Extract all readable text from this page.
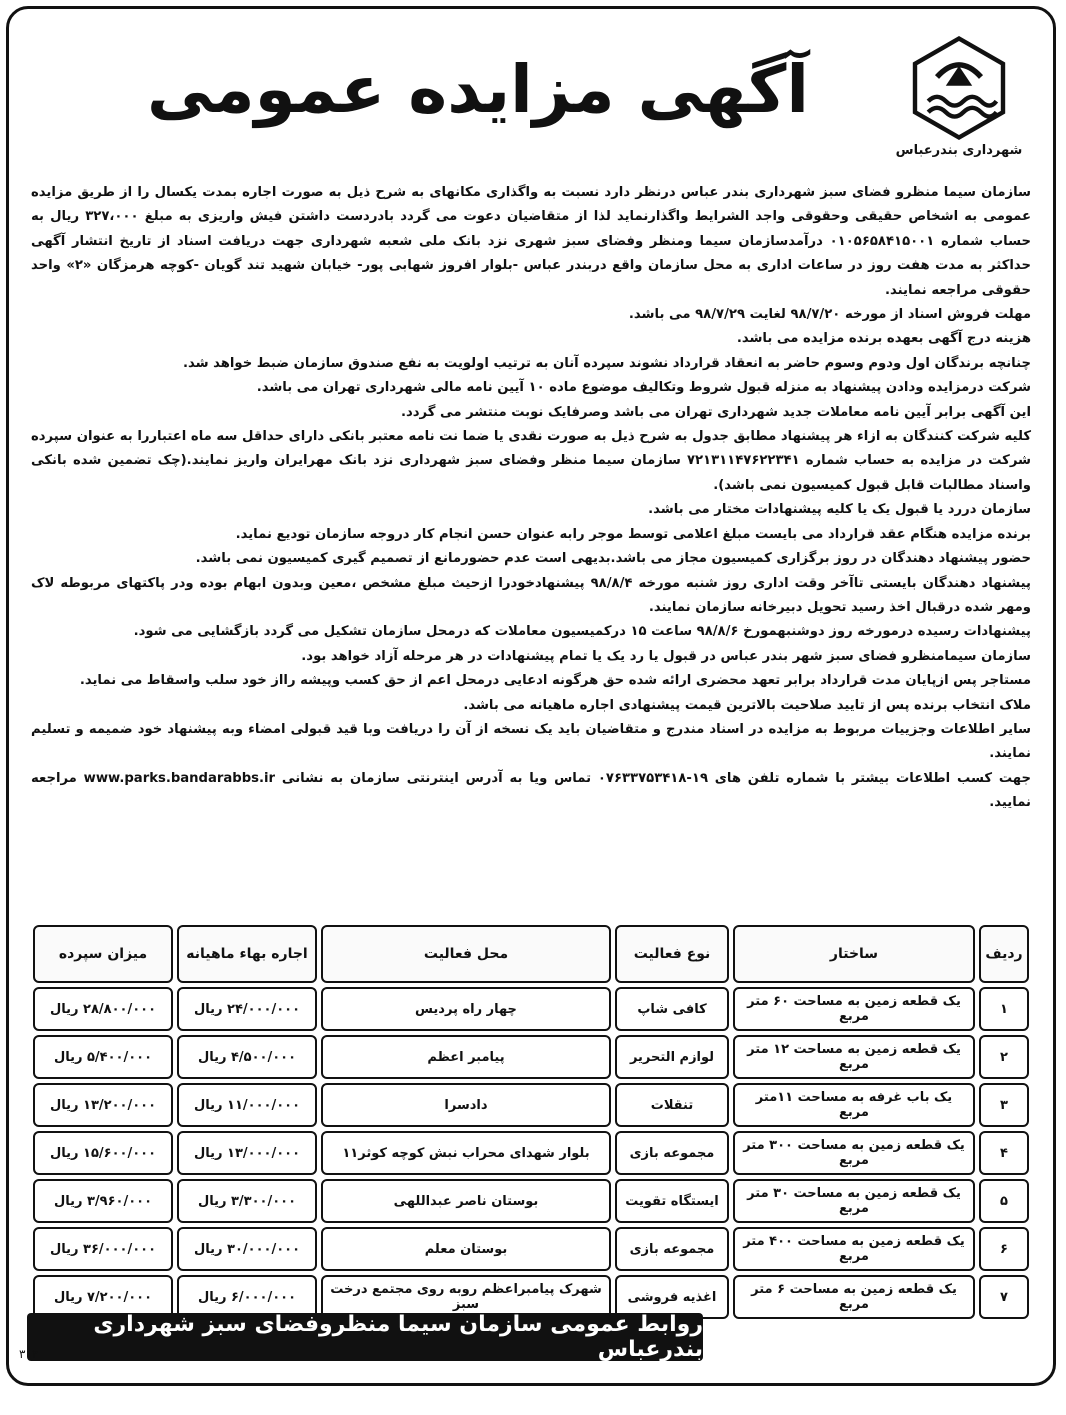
شهرداری بندرعباس
آگهی مزایده عمومی

سازمان سیما منظرو فضای سبز شهرداری بندر عباس درنظر دارد نسبت به واگذاری مکانهای به شرح ذیل به صورت اجاره بمدت یکسال را از طریق مزایده عمومی به اشخاص حقیقی وحقوقی واجد الشرایط واگذارنماید لذا از متقاضیان دعوت می گردد بادردست داشتن فیش واریزی به مبلغ ۳۲۷،۰۰۰ ریال به حساب شماره ۰۱۰۵۶۵۸۴۱۵۰۰۱ درآمدسازمان سیما ومنظر وفضای سبز شهری نزد بانک ملی شعبه شهرداری جهت دریافت اسناد از تاریخ انتشار آگهی حداکثر به مدت هفت روز در ساعات اداری به محل سازمان واقع دربندر عباس -بلوار افروز شهابی پور- خیابان شهید تند گویان -کوچه هرمزگان «۲» واحد حقوقی مراجعه نمایند.

مهلت فروش اسناد از مورخه ۹۸/۷/۲۰ لغایت ۹۸/۷/۲۹ می باشد.

هزینه درج آگهی بعهده برنده مزایده می باشد.

چنانچه برندگان اول ودوم وسوم حاضر به انعقاد قرارداد نشوند سپرده آنان به ترتیب اولویت به نفع صندوق سازمان ضبط خواهد شد.

شرکت درمزایده ودادن پیشنهاد به منزله قبول شروط وتکالیف موضوع ماده ۱۰ آیین نامه مالی شهرداری تهران می باشد.

این آگهی برابر آیین نامه معاملات جدید شهرداری تهران می باشد وصرفایک نوبت منتشر می گردد.

کلیه شرکت کنندگان به ازاء هر پیشنهاد مطابق جدول به شرح ذیل به صورت نقدی یا ضما نت نامه معتبر بانکی دارای حداقل سه ماه اعتباررا به عنوان سپرده شرکت در مزایده به حساب شماره ۷۲۱۳۱۱۴۷۶۲۲۳۴۱ سازمان سیما منظر وفضای سبز شهرداری نزد بانک مهرایران واریز نمایند.(چک تضمین شده بانکی واسناد مطالبات قابل قبول کمیسیون نمی باشد).

سازمان دررد یا قبول یک یا کلیه پیشنهادات مختار می باشد.

برنده مزایده هنگام عقد قرارداد می بایست مبلغ اعلامی توسط موجر رابه عنوان حسن انجام کار دروجه سازمان تودیع نماید.

حضور پیشنهاد دهندگان در روز برگزاری کمیسیون مجاز می باشد.بدیهی است عدم حضورمانع از تصمیم گیری کمیسیون نمی باشد.

پیشنهاد دهندگان بایستی تاآخر وقت اداری روز شنبه مورخه ۹۸/۸/۴ پیشنهادخودرا ازحیث مبلغ مشخص ،معین وبدون ابهام بوده ودر پاکتهای مربوطه لاک ومهر شده درقبال اخذ رسید تحویل دبیرخانه سازمان نمایند.

پیشنهادات رسیده درمورخه روز دوشنبهمورخ ۹۸/۸/۶ ساعت ۱۵ درکمیسیون معاملات که درمحل سازمان تشکیل می گردد بازگشایی می شود.

سازمان سیمامنظرو فضای سبز شهر بندر عباس در قبول یا رد یک یا تمام پیشنهادات در هر مرحله آزاد خواهد بود.

مستاجر پس ازپایان مدت قرارداد برابر تعهد محضری ارائه شده حق هرگونه ادعایی درمحل اعم از حق کسب وپیشه رااز خود سلب واسقاط می نماید.

ملاک انتخاب برنده پس از تایید صلاحیت بالاترین قیمت پیشنهادی اجاره ماهیانه می باشد.

سایر اطلاعات وجزییات مربوط به مزایده در اسناد مندرج و متقاضیان باید یک نسخه از آن را دریافت وبا قید قبولی امضاء وبه پیشنهاد خود ضمیمه و تسلیم نمایند.

جهت کسب اطلاعات بیشتر با شماره تلفن های ۱۹-۰۷۶۳۳۷۵۳۴۱۸ تماس ویا به آدرس اینترنتی سازمان به نشانی www.parks.bandarabbs.ir مراجعه نمایید.

ردیف	ساختار	نوع فعالیت	محل فعالیت	اجاره بهاء ماهیانه	میزان سپرده
۱	یک قطعه زمین به مساحت ۶۰ متر مربع	کافی شاپ	چهار راه پردیس	۲۴/۰۰۰/۰۰۰ ریال	۲۸/۸۰۰/۰۰۰ ریال
۲	یک قطعه زمین به مساحت ۱۲ متر مربع	لوازم التحریر	پیامبر اعظم	۴/۵۰۰/۰۰۰ ریال	۵/۴۰۰/۰۰۰ ریال
۳	یک باب غرفه به مساحت ۱۱متر مربع	تنقلات	دادسرا	۱۱/۰۰۰/۰۰۰ ریال	۱۳/۲۰۰/۰۰۰ ریال
۴	یک قطعه زمین به مساحت ۳۰۰ متر مربع	مجموعه بازی	بلوار شهدای محراب نبش کوچه کوثر۱۱	۱۳/۰۰۰/۰۰۰ ریال	۱۵/۶۰۰/۰۰۰ ریال
۵	یک قطعه زمین به مساحت ۳۰ متر مربع	ایستگاه تقویت	بوستان ناصر عبداللهی	۳/۳۰۰/۰۰۰ ریال	۳/۹۶۰/۰۰۰ ریال
۶	یک قطعه زمین به مساحت ۴۰۰ متر مربع	مجموعه بازی	بوستان معلم	۳۰/۰۰۰/۰۰۰ ریال	۳۶/۰۰۰/۰۰۰ ریال
۷	یک قطعه زمین به مساحت ۶ متر مربع	اغذیه فروشی	شهرک پیامبراعظم روبه روی مجتمع درخت سبز	۶/۰۰۰/۰۰۰ ریال	۷/۲۰۰/۰۰۰ ریال
روابط عمومی سازمان سیما منظروفضای سبز شهرداری بندرعباس
۳۱۳
